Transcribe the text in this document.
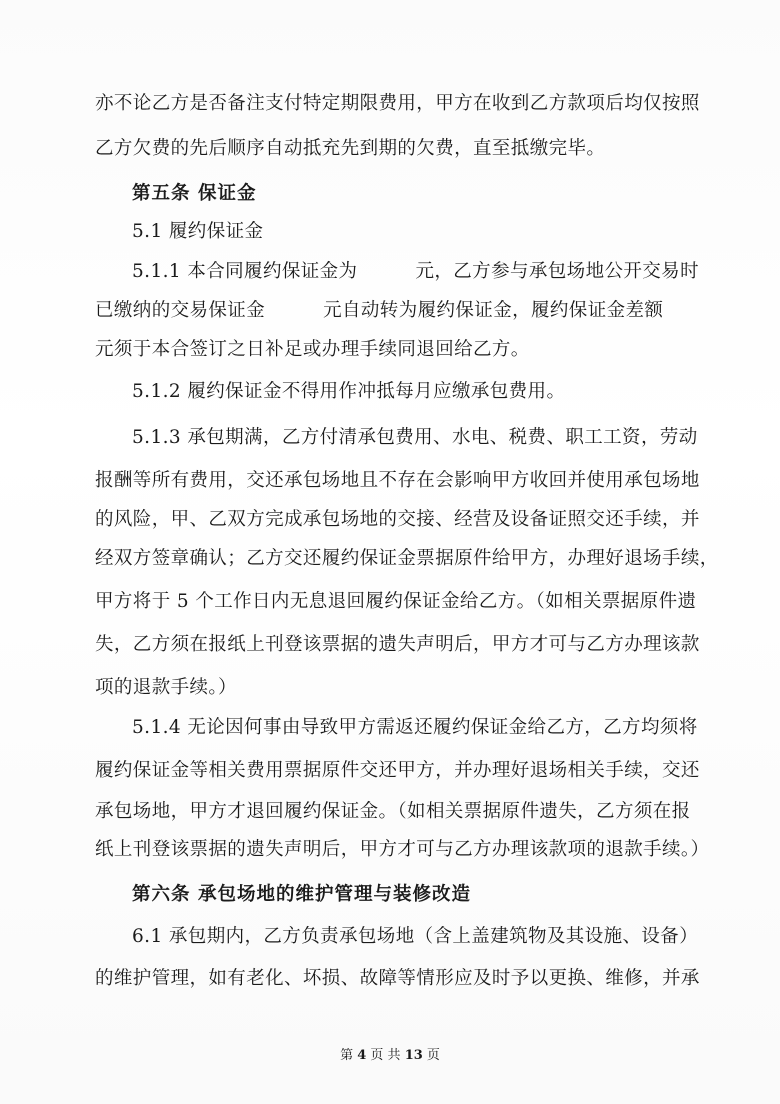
亦不论乙方是否备注支付特定期限费用，甲方在收到乙方款项后均仅按照
乙方欠费的先后顺序自动抵充先到期的欠费，直至抵缴完毕。
第五条 保证金
5.1 履约保证金
5.1.1 本合同履约保证金为	元，乙方参与承包场地公开交易时
已缴纳的交易保证金	元自动转为履约保证金，履约保证金差额
元须于本合签订之日补足或办理手续同退回给乙方。
5.1.2 履约保证金不得用作冲抵每月应缴承包费用。
5.1.3 承包期满，乙方付清承包费用、水电、税费、职工工资，劳动
报酬等所有费用，交还承包场地且不存在会影响甲方收回并使用承包场地
的风险，甲、乙双方完成承包场地的交接、经营及设备证照交还手续，并
经双方签章确认；乙方交还履约保证金票据原件给甲方，办理好退场手续，
甲方将于 5 个工作日内无息退回履约保证金给乙方。（如相关票据原件遗
失，乙方须在报纸上刊登该票据的遗失声明后，甲方才可与乙方办理该款
项的退款手续。）
5.1.4 无论因何事由导致甲方需返还履约保证金给乙方，乙方均须将
履约保证金等相关费用票据原件交还甲方，并办理好退场相关手续，交还
承包场地，甲方才退回履约保证金。（如相关票据原件遗失，乙方须在报
纸上刊登该票据的遗失声明后，甲方才可与乙方办理该款项的退款手续。）
第六条 承包场地的维护管理与装修改造
6.1 承包期内，乙方负责承包场地（含上盖建筑物及其设施、设备）
的维护管理，如有老化、坏损、故障等情形应及时予以更换、维修，并承
第 4 页 共 13 页
